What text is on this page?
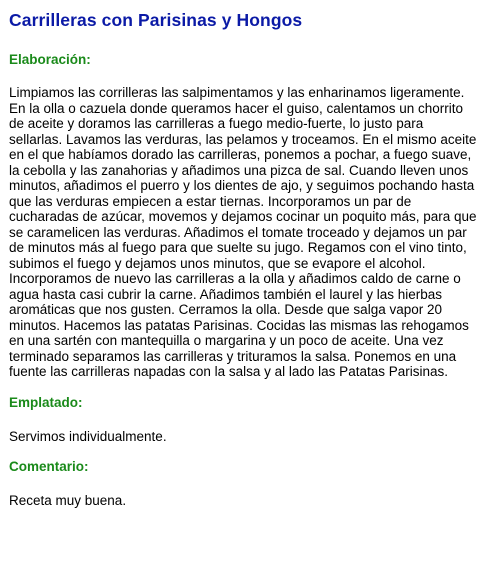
Carrilleras con Parisinas y Hongos
Elaboración:

Limpiamos las corrilleras las salpimentamos y las enharinamos ligeramente. En la olla o cazuela donde queramos hacer el guiso, calentamos un chorrito de aceite y doramos las carrilleras a fuego medio-fuerte, lo justo para sellarlas. Lavamos las verduras, las pelamos y troceamos. En el mismo aceite en el que habíamos dorado las carrilleras, ponemos a pochar, a fuego suave, la cebolla y las zanahorias y añadimos una pizca de sal. Cuando lleven unos minutos, añadimos el puerro y los dientes de ajo, y seguimos pochando hasta que las verduras empiecen a estar tiernas. Incorporamos un par de cucharadas de azúcar, movemos y dejamos cocinar un poquito más, para que se caramelicen las verduras. Añadimos el tomate troceado y dejamos un par de minutos más al fuego para que suelte su jugo. Regamos con el vino tinto, subimos el fuego y dejamos unos minutos, que se evapore el alcohol. Incorporamos de nuevo las carrilleras a la olla y añadimos caldo de carne o agua hasta casi cubrir la carne. Añadimos también el laurel y las hierbas aromáticas que nos gusten. Cerramos la olla. Desde que salga vapor 20 minutos. Hacemos las patatas Parisinas. Cocidas las mismas las rehogamos en una sartén con mantequilla o margarina y un poco de aceite. Una vez terminado separamos las carrilleras y trituramos la salsa. Ponemos en una fuente las carrilleras napadas con la salsa y al lado las Patatas Parisinas.

Emplatado:

Servimos individualmente.

Comentario:

Receta muy buena.
